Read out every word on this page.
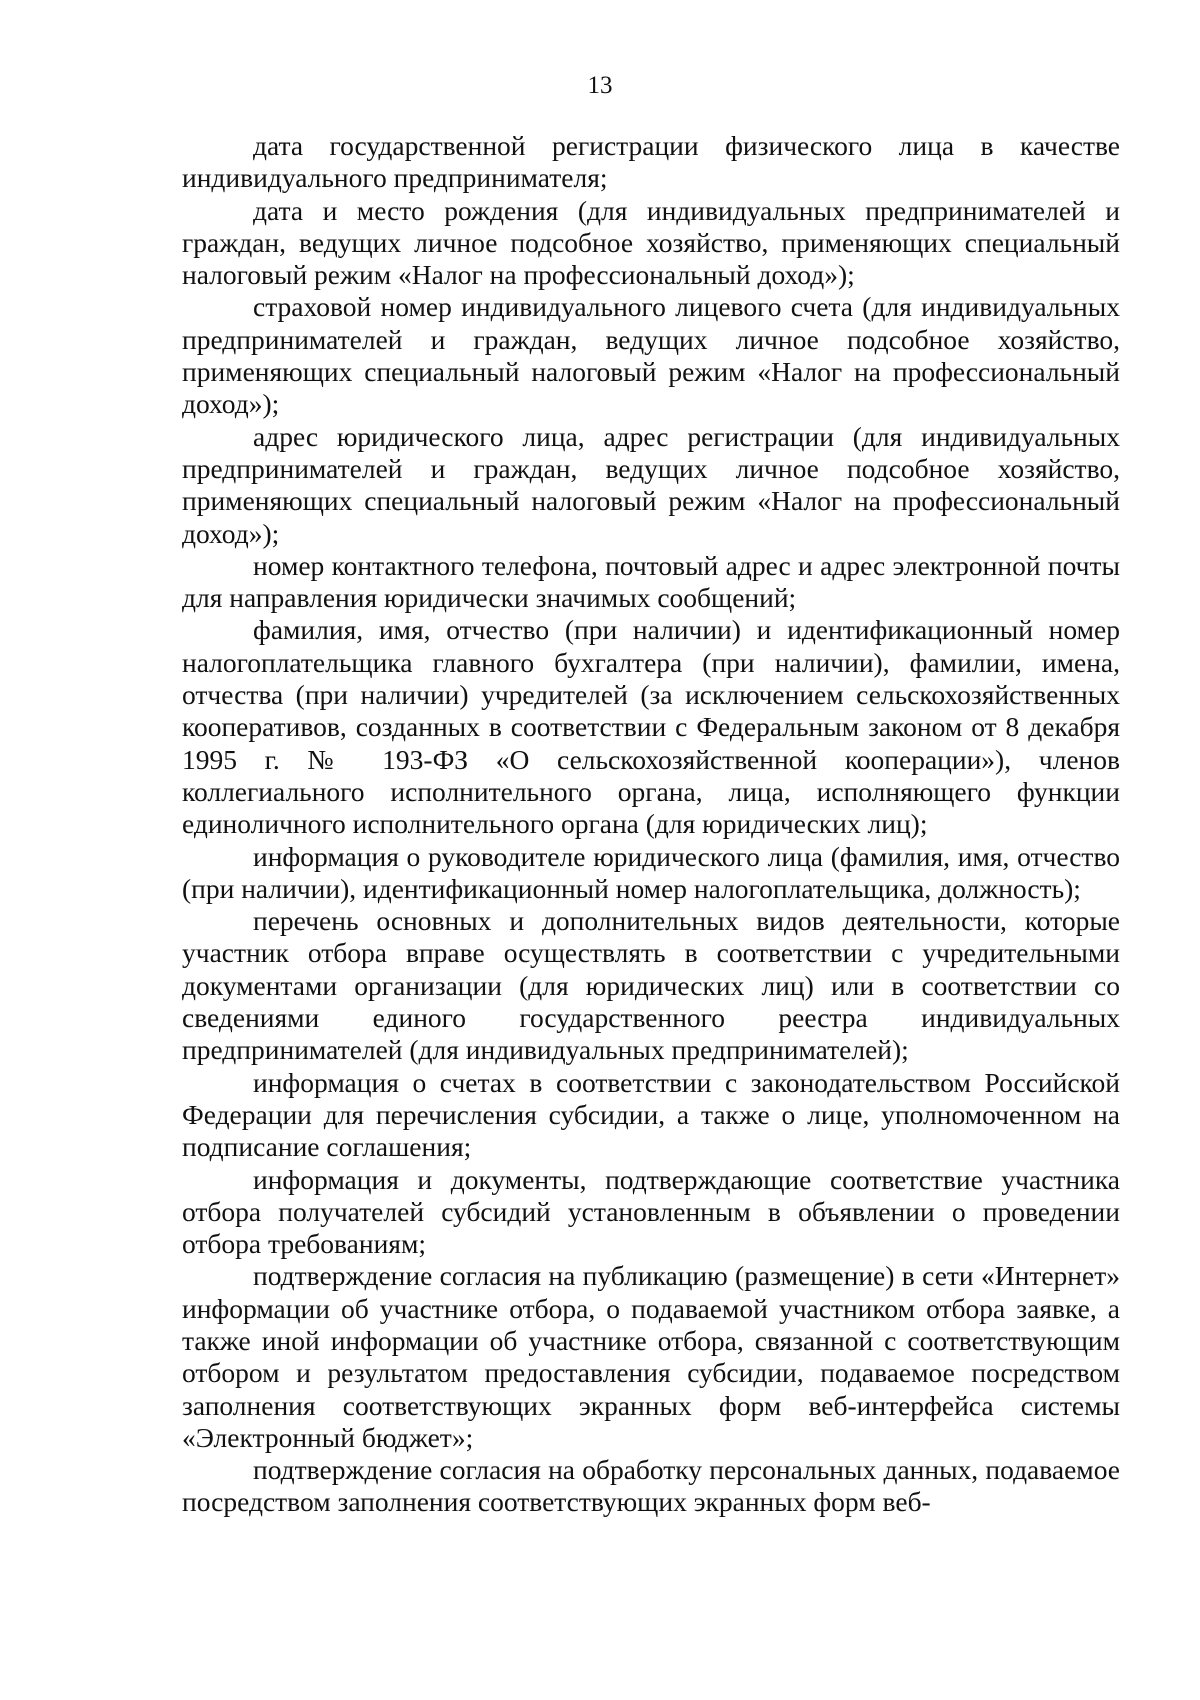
13

дата государственной регистрации физического лица в качестве индивидуального предпринимателя;

дата и место рождения (для индивидуальных предпринимателей и граждан, ведущих личное подсобное хозяйство, применяющих специальный налоговый режим «Налог на профессиональный доход»);

страховой номер индивидуального лицевого счета (для индивидуальных предпринимателей и граждан, ведущих личное подсобное хозяйство, применяющих специальный налоговый режим «Налог на профессиональный доход»);

адрес юридического лица, адрес регистрации (для индивидуальных предпринимателей и граждан, ведущих личное подсобное хозяйство, применяющих специальный налоговый режим «Налог на профессиональный доход»);

номер контактного телефона, почтовый адрес и адрес электронной почты для направления юридически значимых сообщений;

фамилия, имя, отчество (при наличии) и идентификационный номер налогоплательщика главного бухгалтера (при наличии), фамилии, имена, отчества (при наличии) учредителей (за исключением сельскохозяйственных кооперативов, созданных в соответствии с Федеральным законом от 8 декабря 1995 г. № 193-ФЗ «О сельскохозяйственной кооперации»), членов коллегиального исполнительного органа, лица, исполняющего функции единоличного исполнительного органа (для юридических лиц);

информация о руководителе юридического лица (фамилия, имя, отчество (при наличии), идентификационный номер налогоплательщика, должность);

перечень основных и дополнительных видов деятельности, которые участник отбора вправе осуществлять в соответствии с учредительными документами организации (для юридических лиц) или в соответствии со сведениями единого государственного реестра индивидуальных предпринимателей (для индивидуальных предпринимателей);

информация о счетах в соответствии с законодательством Российской Федерации для перечисления субсидии, а также о лице, уполномоченном на подписание соглашения;

информация и документы, подтверждающие соответствие участника отбора получателей субсидий установленным в объявлении о проведении отбора требованиям;

подтверждение согласия на публикацию (размещение) в сети «Интернет» информации об участнике отбора, о подаваемой участником отбора заявке, а также иной информации об участнике отбора, связанной с соответствующим отбором и результатом предоставления субсидии, подаваемое посредством заполнения соответствующих экранных форм веб-интерфейса системы «Электронный бюджет»;

подтверждение согласия на обработку персональных данных, подаваемое посредством заполнения соответствующих экранных форм веб-
